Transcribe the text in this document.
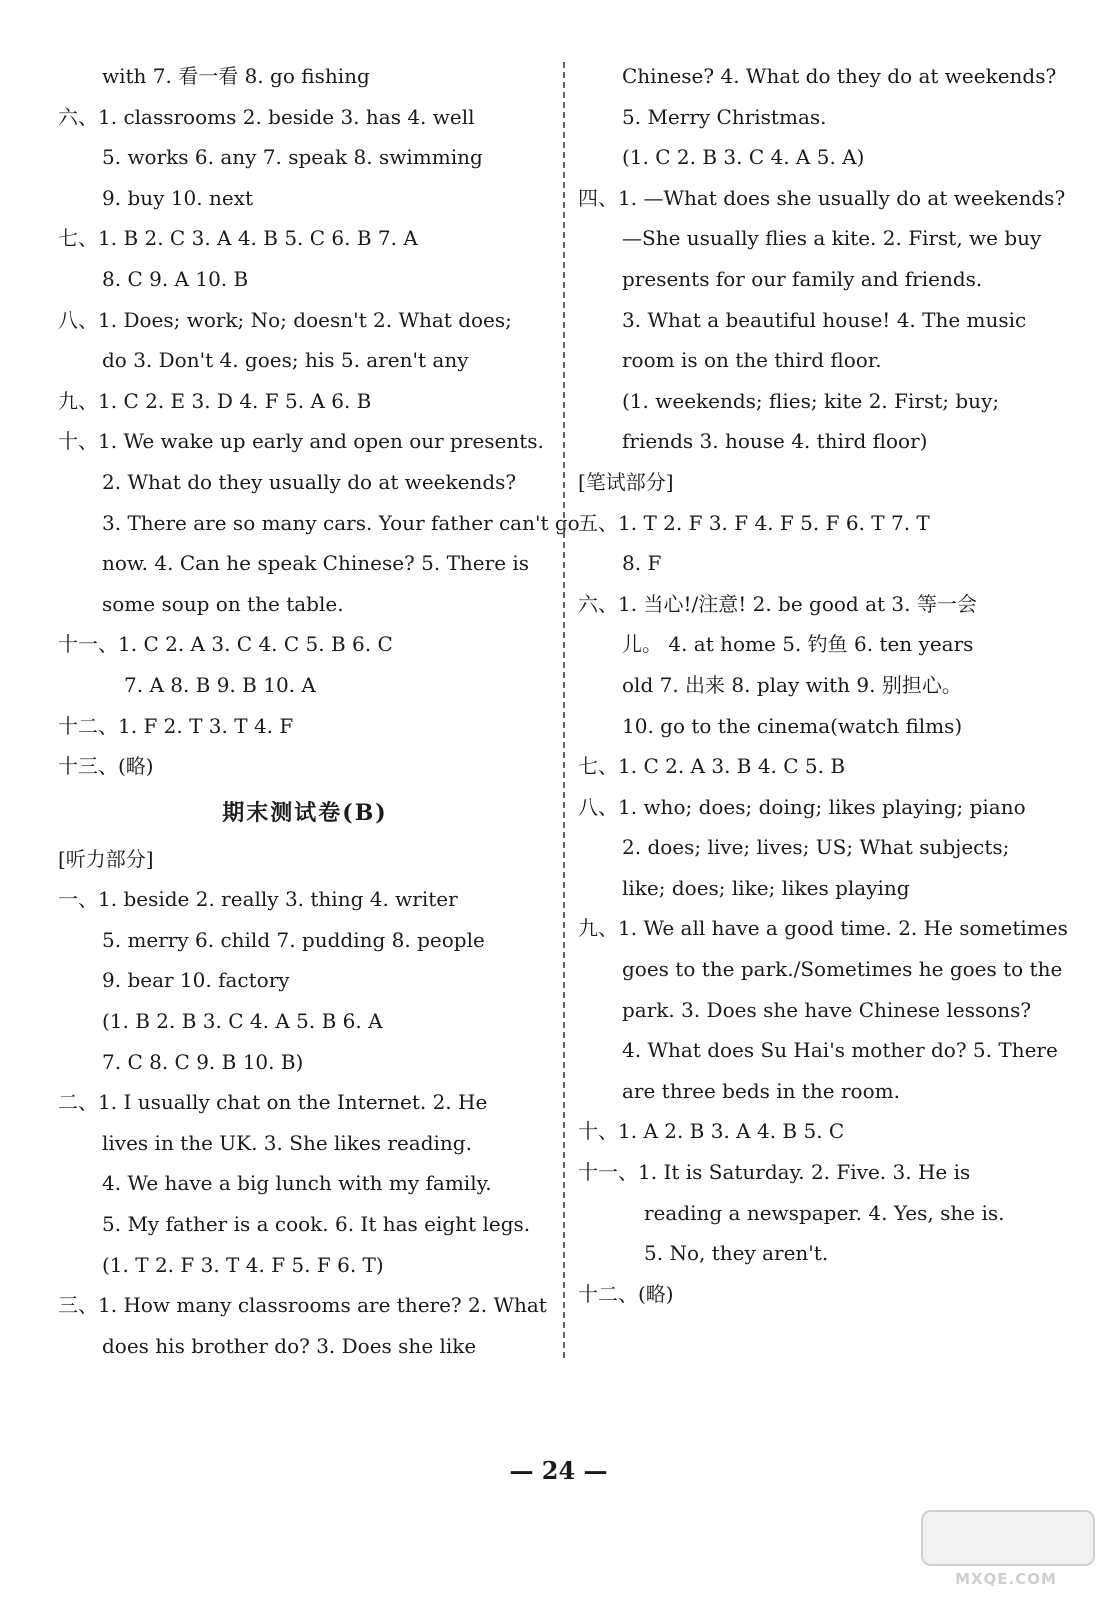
with 7. 看一看 8. go fishing
六、1. classrooms 2. beside 3. has 4. well
5. works 6. any 7. speak 8. swimming
9. buy 10. next
七、1. B 2. C 3. A 4. B 5. C 6. B 7. A
8. C 9. A 10. B
八、1. Does; work; No; doesn't 2. What does;
do 3. Don't 4. goes; his 5. aren't any
九、1. C 2. E 3. D 4. F 5. A 6. B
十、1. We wake up early and open our presents.
2. What do they usually do at weekends?
3. There are so many cars. Your father can't go
now. 4. Can he speak Chinese? 5. There is
some soup on the table.
十一、1. C 2. A 3. C 4. C 5. B 6. C
7. A 8. B 9. B 10. A
十二、1. F 2. T 3. T 4. F
十三、(略)
期末测试卷(B)
[听力部分]
一、1. beside 2. really 3. thing 4. writer
5. merry 6. child 7. pudding 8. people
9. bear 10. factory
(1. B 2. B 3. C 4. A 5. B 6. A
7. C 8. C 9. B 10. B)
二、1. I usually chat on the Internet. 2. He
lives in the UK. 3. She likes reading.
4. We have a big lunch with my family.
5. My father is a cook. 6. It has eight legs.
(1. T 2. F 3. T 4. F 5. F 6. T)
三、1. How many classrooms are there? 2. What
does his brother do? 3. Does she like
Chinese? 4. What do they do at weekends?
5. Merry Christmas.
(1. C 2. B 3. C 4. A 5. A)
四、1. —What does she usually do at weekends?
—She usually flies a kite. 2. First, we buy
presents for our family and friends.
3. What a beautiful house! 4. The music
room is on the third floor.
(1. weekends; flies; kite 2. First; buy;
friends 3. house 4. third floor)
[笔试部分]
五、1. T 2. F 3. F 4. F 5. F 6. T 7. T
8. F
六、1. 当心!/注意! 2. be good at 3. 等一会
儿。 4. at home 5. 钓鱼 6. ten years
old 7. 出来 8. play with 9. 别担心。
10. go to the cinema(watch films)
七、1. C 2. A 3. B 4. C 5. B
八、1. who; does; doing; likes playing; piano
2. does; live; lives; US; What subjects;
like; does; like; likes playing
九、1. We all have a good time. 2. He sometimes
goes to the park./Sometimes he goes to the
park. 3. Does she have Chinese lessons?
4. What does Su Hai's mother do? 5. There
are three beds in the room.
十、1. A 2. B 3. A 4. B 5. C
十一、1. It is Saturday. 2. Five. 3. He is
reading a newspaper. 4. Yes, she is.
5. No, they aren't.
十二、(略)
— 24 —
MXQE.COM
